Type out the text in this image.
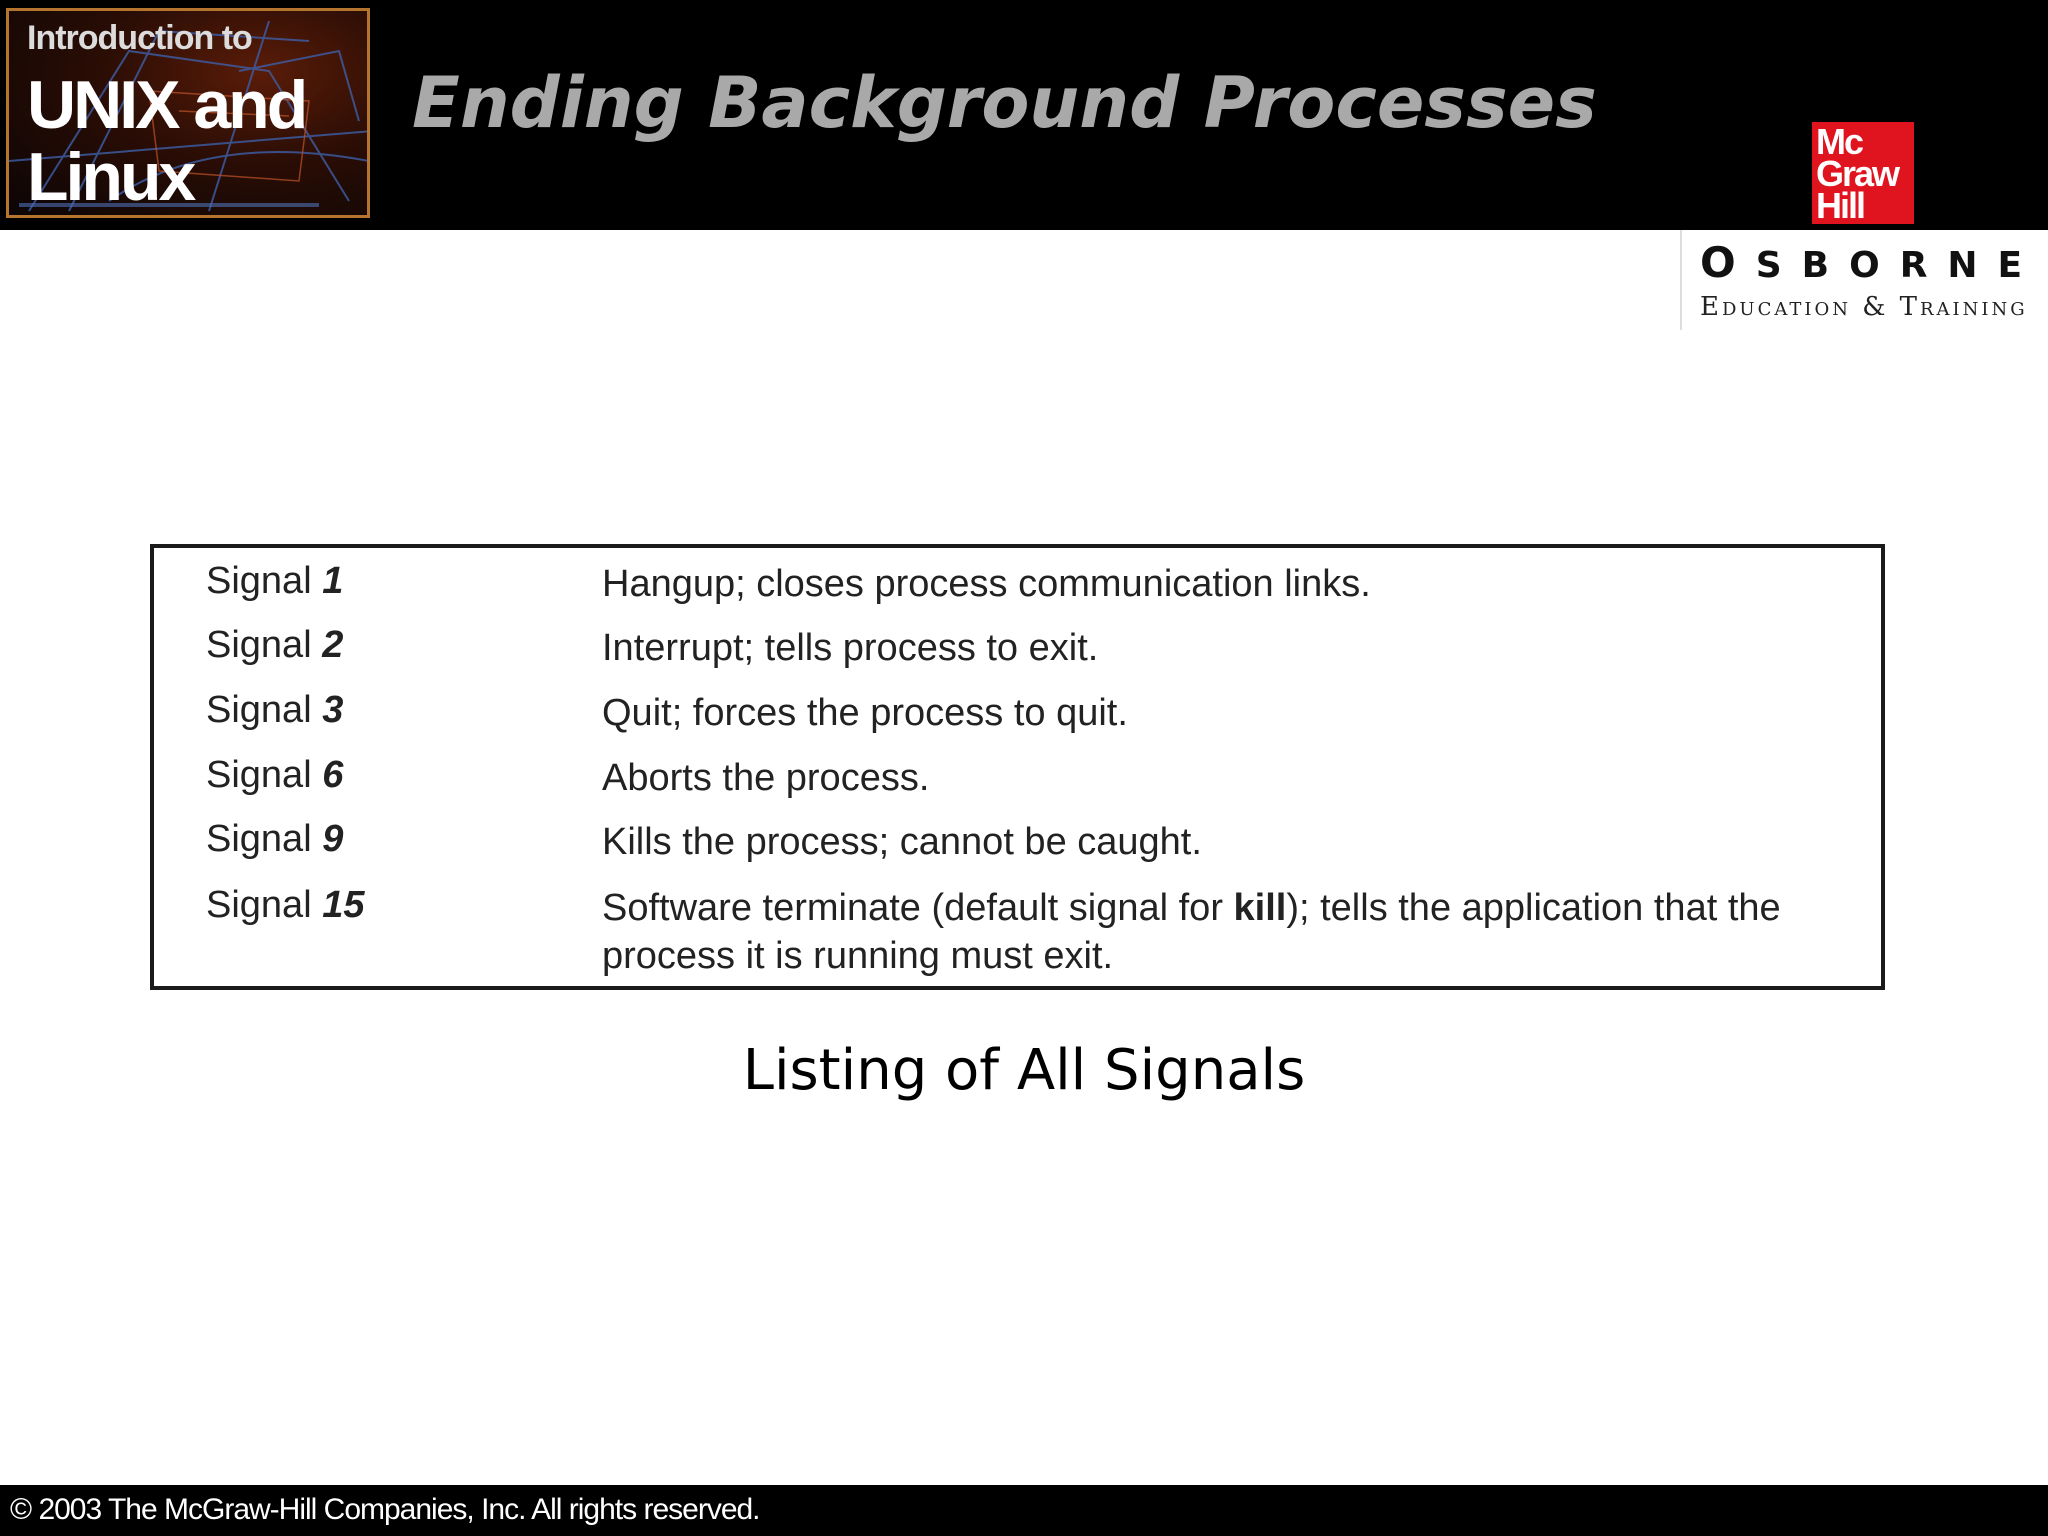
Introduction to
UNIX and
Linux
Ending Background Processes	Mc
Graw
Hill
OSBORNE
Education & Training
Signal 1	Hangup; closes process communication links.
Signal 2	Interrupt; tells process to exit.
Signal 3	Quit; forces the process to quit.
Signal 6	Aborts the process.
Signal 9	Kills the process; cannot be caught.
Signal 15	Software terminate (default signal for kill); tells the application that the process it is running must exit.
Listing of All Signals
© 2003 The McGraw-Hill Companies, Inc. All rights reserved.
